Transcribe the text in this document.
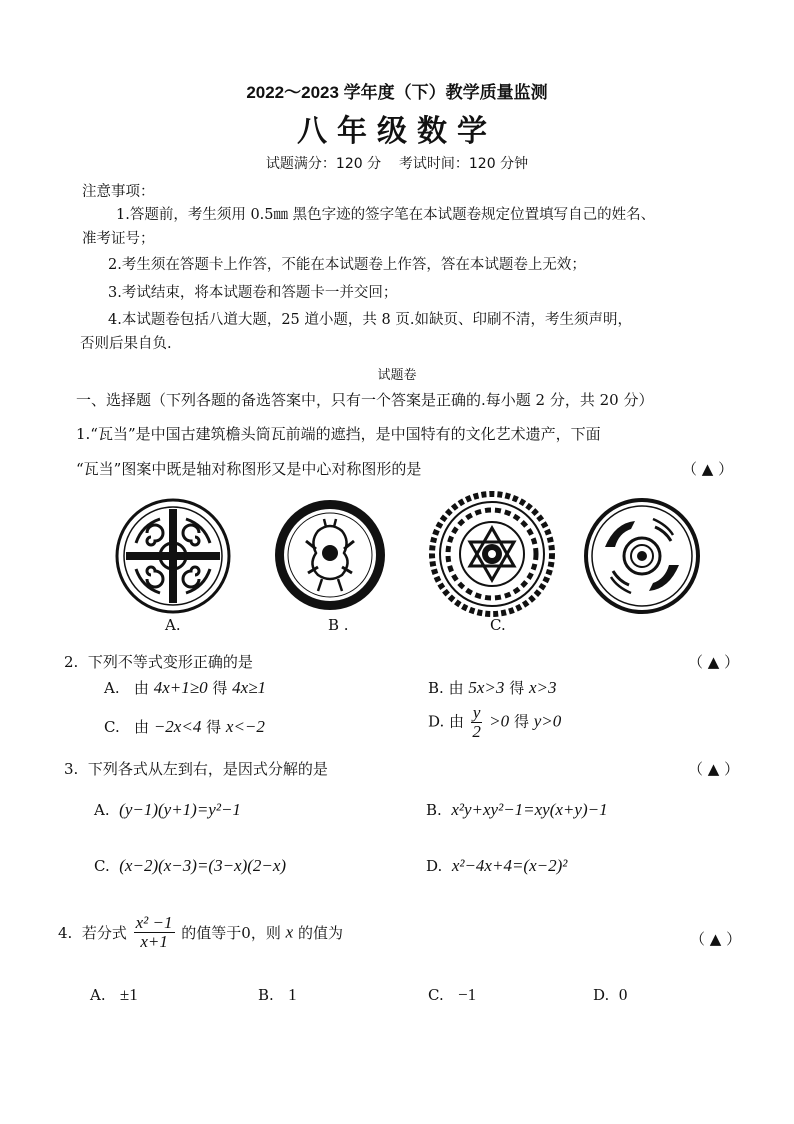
2022～2023 学年度（下）教学质量监测
八年级数学
试题满分：120 分    考试时间：120 分钟
注意事项：
1.答题前，考生须用 0.5㎜ 黑色字迹的签字笔在本试题卷规定位置填写自己的姓名、
准考证号；
2.考生须在答题卡上作答，不能在本试题卷上作答，答在本试题卷上无效；
3.考试结束，将本试题卷和答题卡一并交回；
4.本试题卷包括八道大题，25 道小题，共 8 页.如缺页、印刷不清，考生须声明，
否则后果自负.
试题卷
一、选择题（下列各题的备选答案中，只有一个答案是正确的.每小题 2 分，共 20 分）
1.“瓦当”是中国古建筑檐头筒瓦前端的遮挡，是中国特有的文化艺术遗产，下面
“瓦当”图案中既是轴对称图形又是中心对称图形的是	（ ▲ ）
A.	B .	C.
2.  下列不等式变形正确的是	（ ▲ ）
A. 由 4x+1≥0 得 4x≥1	B. 由 5x>3 得 x>3
C. 由 −2x<4 得 x<−2	D. 由 $\frac{y}{2} >0$ 得 y>0
3.  下列各式从左到右，是因式分解的是	（ ▲ ）
A. (y−1)(y+1)=y²−1	B. x²y+xy²−1=xy(x+y)−1
C. (x−2)(x−3)=(3−x)(2−x)	D. x²−4x+4=(x−2)²
4.  若分式 $\frac{\text{x² −1}}{x+1}$ 的值等于0，则 x 的值为	（ ▲ ）
A. ±1	B. 1	C. −1	D. 0
